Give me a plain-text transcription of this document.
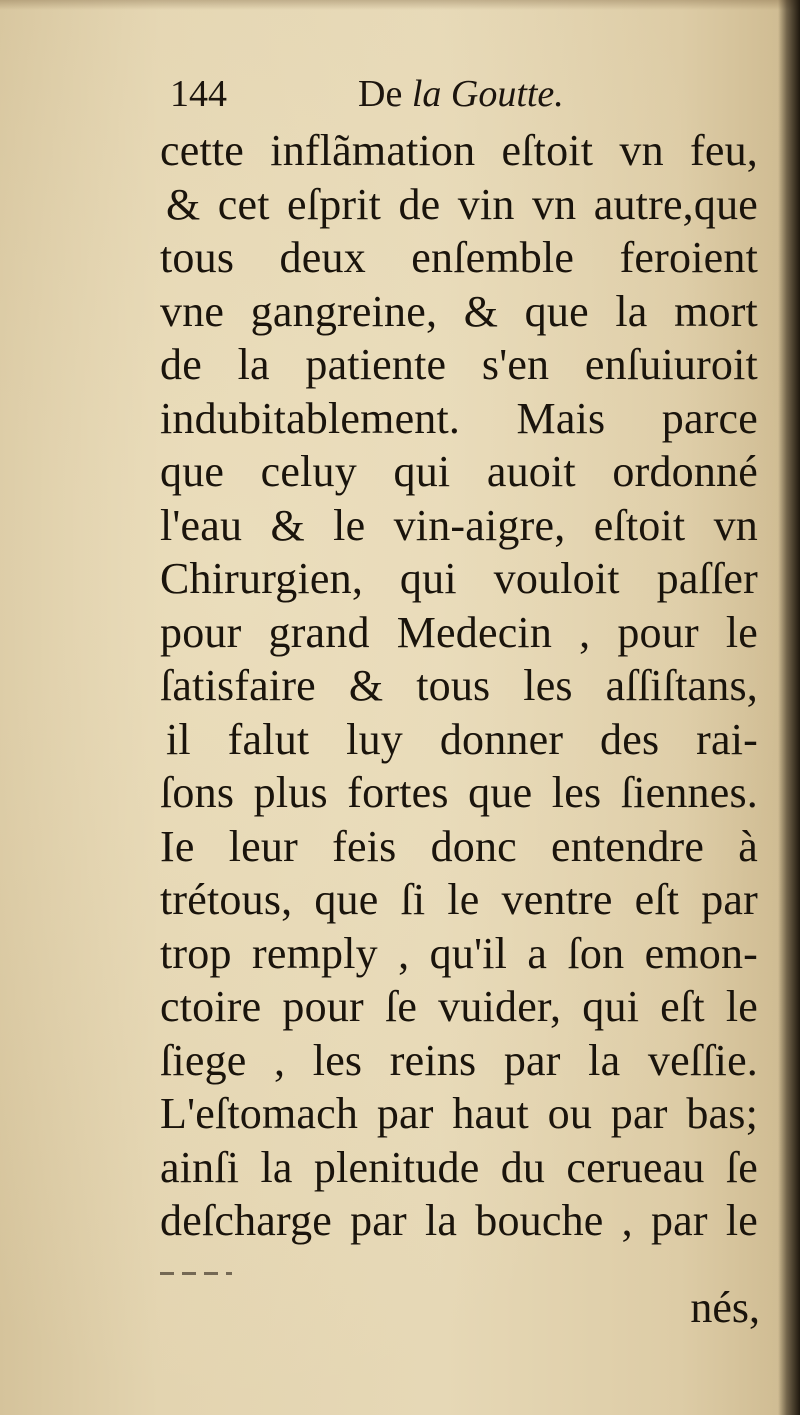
144	De la Goutte.
cette inflãmation eſtoit vn feu,
& cet eſprit de vin vn autre,que
tous deux enſemble feroient
vne gangreine, & que la mort
de la patiente s'en enſuiuroit
indubitablement. Mais parce
que celuy qui auoit ordonné
l'eau & le vin-aigre, eſtoit vn
Chirurgien, qui vouloit paſſer
pour grand Medecin , pour le
ſatisfaire & tous les aſſiſtans,
il falut luy donner des rai-
ſons plus fortes que les ſiennes.
Ie leur feis donc entendre à
trétous, que ſi le ventre eſt par
trop remply , qu'il a ſon emon-
ctoire pour ſe vuider, qui eſt le
ſiege , les reins par la veſſie.
L'eſtomach par haut ou par bas;
ainſi la plenitude du cerueau ſe
deſcharge par la bouche , par le
nés,
